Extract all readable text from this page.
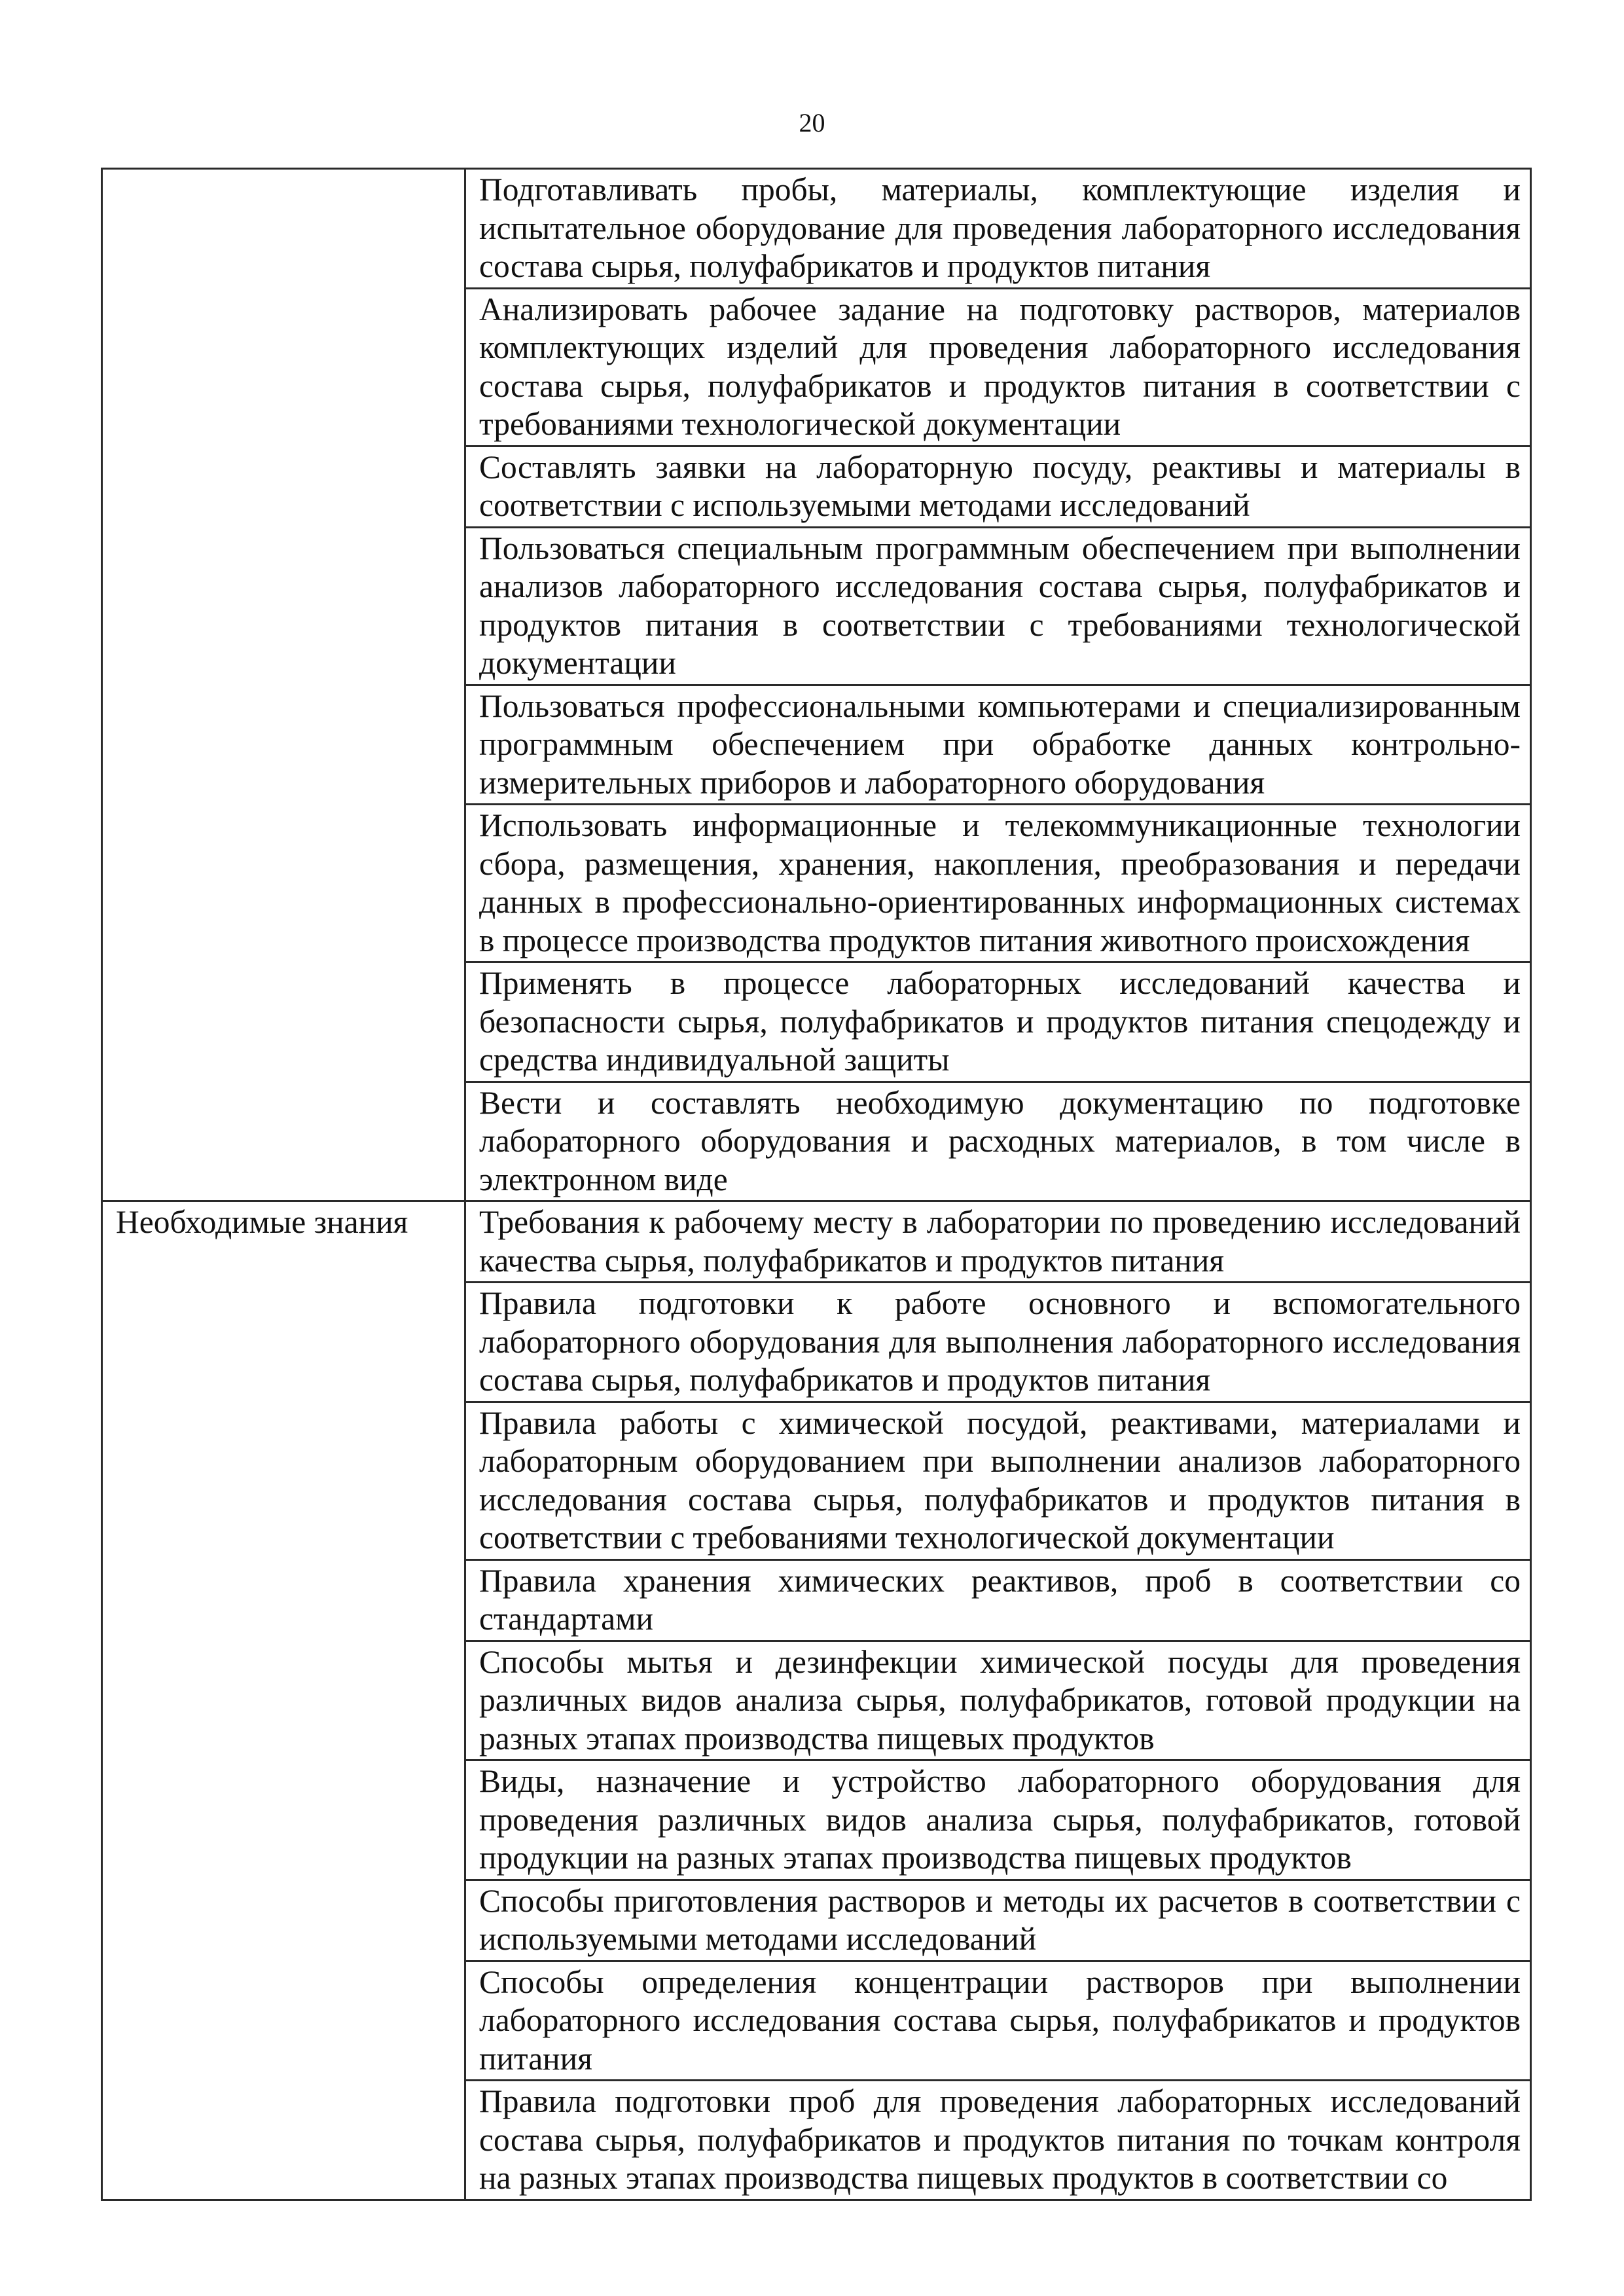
20
	Подготавливать пробы, материалы, комплектующие изделия и испытательное оборудование для проведения лабораторного исследования состава сырья, полуфабрикатов и продуктов питания
	Анализировать рабочее задание на подготовку растворов, материалов комплектующих изделий для проведения лабораторного исследования состава сырья, полуфабрикатов и продуктов питания в соответствии с требованиями технологической документации
	Составлять заявки на лабораторную посуду, реактивы и материалы в соответствии с используемыми методами исследований
	Пользоваться специальным программным обеспечением при выполнении анализов лабораторного исследования состава сырья, полуфабрикатов и продуктов питания в соответствии с требованиями технологической документации
	Пользоваться профессиональными компьютерами и специализированным программным обеспечением при обработке данных контрольно-измерительных приборов и лабораторного оборудования
	Использовать информационные и телекоммуникационные технологии сбора, размещения, хранения, накопления, преобразования и передачи данных в профессионально-ориентированных информационных системах в процессе производства продуктов питания животного происхождения
	Применять в процессе лабораторных исследований качества и безопасности сырья, полуфабрикатов и продуктов питания спецодежду и средства индивидуальной защиты
	Вести и составлять необходимую документацию по подготовке лабораторного оборудования и расходных материалов, в том числе в электронном виде
Необходимые знания	Требования к рабочему месту в лаборатории по проведению исследований качества сырья, полуфабрикатов и продуктов питания
	Правила подготовки к работе основного и вспомогательного лабораторного оборудования для выполнения лабораторного исследования состава сырья, полуфабрикатов и продуктов питания
	Правила работы с химической посудой, реактивами, материалами и лабораторным оборудованием при выполнении анализов лабораторного исследования состава сырья, полуфабрикатов и продуктов питания в соответствии с требованиями технологической документации
	Правила хранения химических реактивов, проб в соответствии со стандартами
	Способы мытья и дезинфекции химической посуды для проведения различных видов анализа сырья, полуфабрикатов, готовой продукции на разных этапах производства пищевых продуктов
	Виды, назначение и устройство лабораторного оборудования для проведения различных видов анализа сырья, полуфабрикатов, готовой продукции на разных этапах производства пищевых продуктов
	Способы приготовления растворов и методы их расчетов в соответствии с используемыми методами исследований
	Способы определения концентрации растворов при выполнении лабораторного исследования состава сырья, полуфабрикатов и продуктов питания
	Правила подготовки проб для проведения лабораторных исследований состава сырья, полуфабрикатов и продуктов питания по точкам контроля на разных этапах производства пищевых продуктов в соответствии со
